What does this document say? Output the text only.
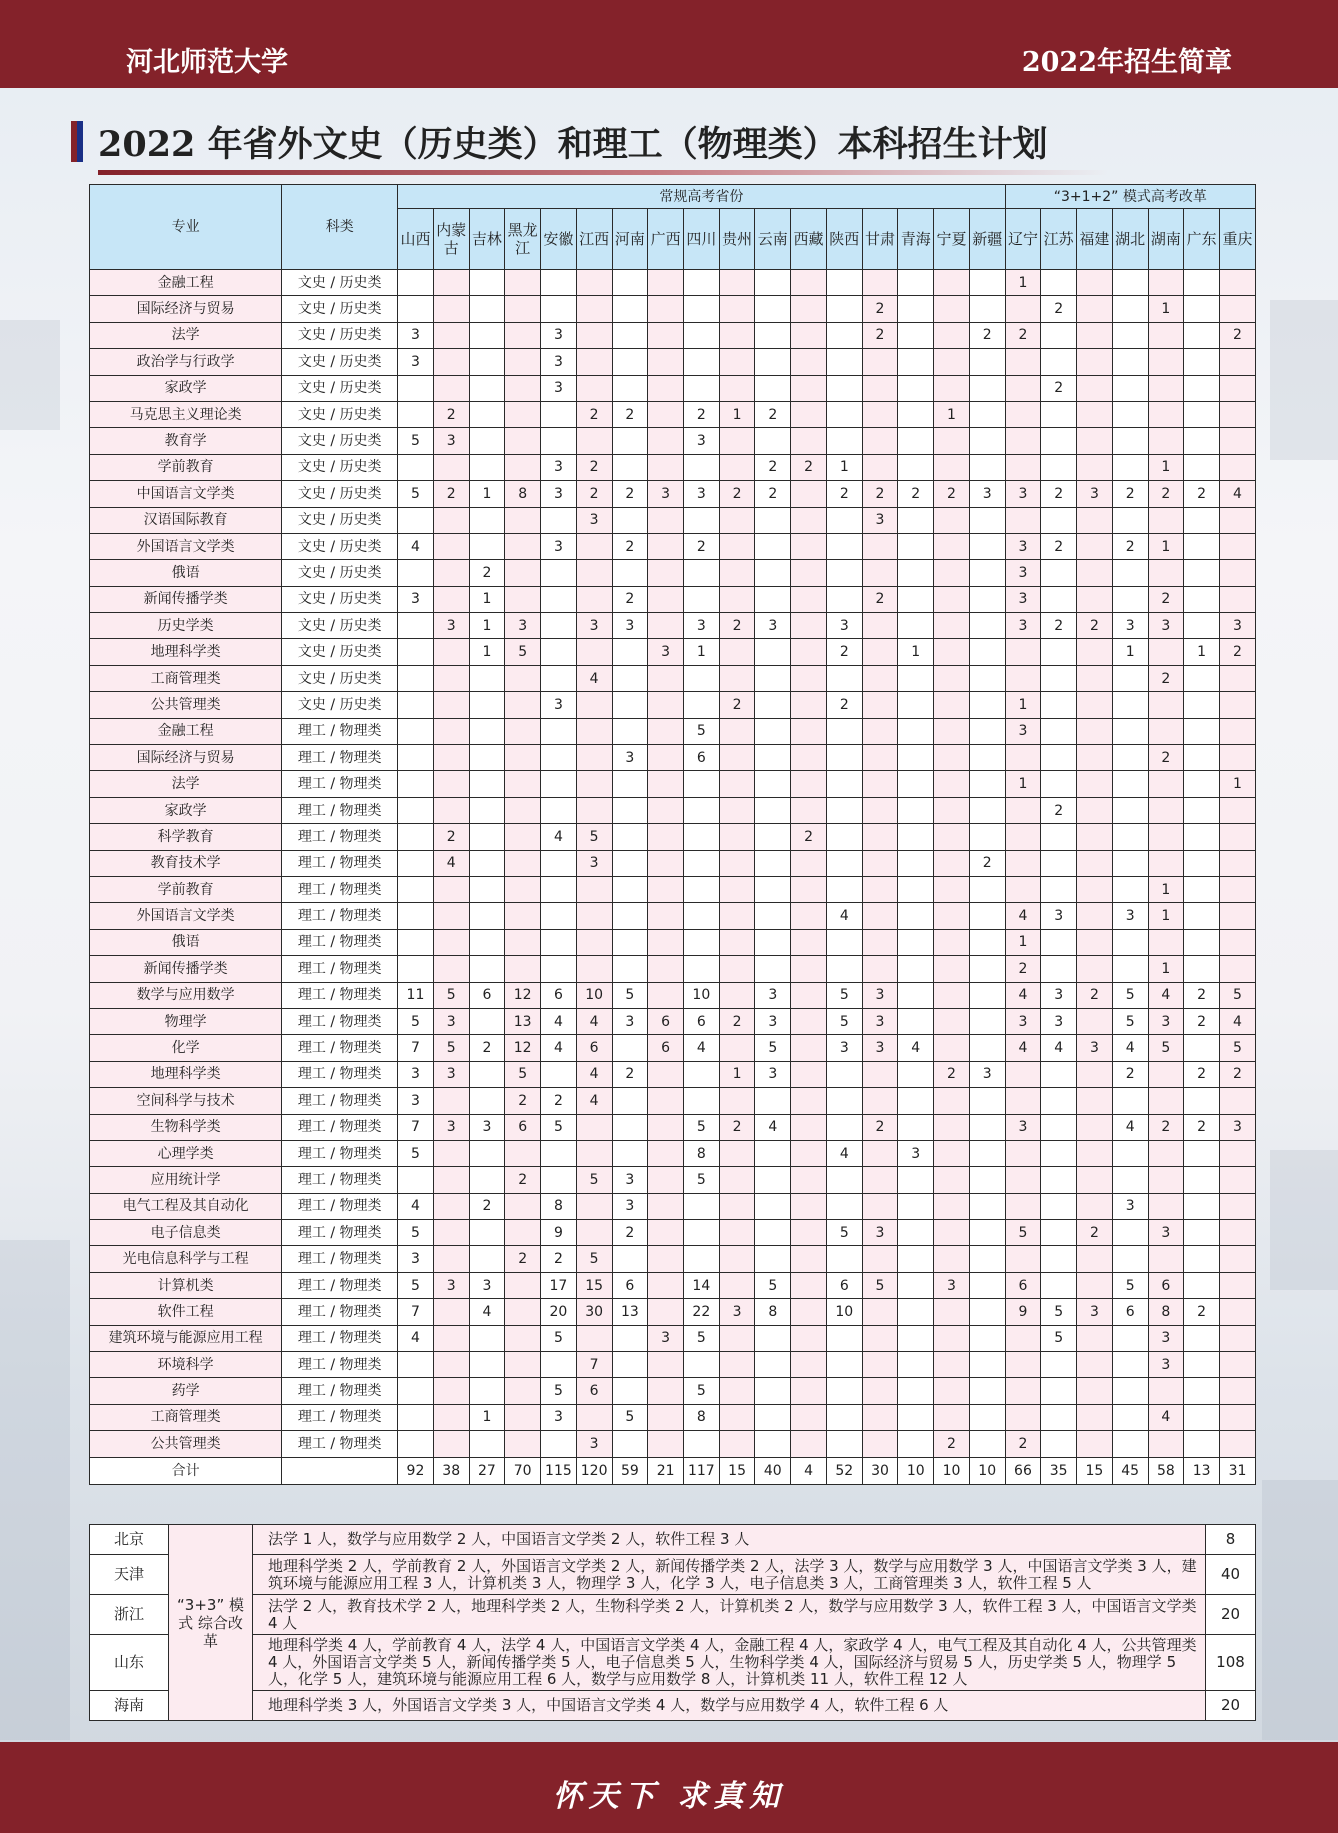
河北师范大学	2022年招生简章
2022 年省外文史（历史类）和理工（物理类）本科招生计划
专业	科类	常规高考省份																	“3+1+2” 模式高考改革						
		山西	内蒙古	吉林	黑龙江	安徽	江西	河南	广西	四川	贵州	云南	西藏	陕西	甘肃	青海	宁夏	新疆	辽宁	江苏	福建	湖北	湖南	广东	重庆
金融工程	文史 / 历史类																		1						
国际经济与贸易	文史 / 历史类														2					2			1		
法学	文史 / 历史类	3				3									2			2	2						2
政治学与行政学	文史 / 历史类	3				3																			
家政学	文史 / 历史类					3														2					
马克思主义理论类	文史 / 历史类		2				2	2		2	1	2					1								
教育学	文史 / 历史类	5	3							3															
学前教育	文史 / 历史类					3	2					2	2	1									1		
中国语言文学类	文史 / 历史类	5	2	1	8	3	2	2	3	3	2	2		2	2	2	2	3	3	2	3	2	2	2	4
汉语国际教育	文史 / 历史类						3								3										
外国语言文学类	文史 / 历史类	4				3		2		2									3	2		2	1		
俄语	文史 / 历史类			2															3						
新闻传播学类	文史 / 历史类	3		1				2							2				3				2		
历史学类	文史 / 历史类		3	1	3		3	3		3	2	3		3					3	2	2	3	3		3
地理科学类	文史 / 历史类			1	5				3	1				2		1						1		1	2
工商管理类	文史 / 历史类						4																2		
公共管理类	文史 / 历史类					3					2			2					1						
金融工程	理工 / 物理类									5									3						
国际经济与贸易	理工 / 物理类							3		6													2		
法学	理工 / 物理类																		1						1
家政学	理工 / 物理类																			2					
科学教育	理工 / 物理类		2			4	5						2												
教育技术学	理工 / 物理类		4				3											2							
学前教育	理工 / 物理类																						1		
外国语言文学类	理工 / 物理类													4					4	3		3	1		
俄语	理工 / 物理类																		1						
新闻传播学类	理工 / 物理类																		2				1		
数学与应用数学	理工 / 物理类	11	5	6	12	6	10	5		10		3		5	3				4	3	2	5	4	2	5
物理学	理工 / 物理类	5	3		13	4	4	3	6	6	2	3		5	3				3	3		5	3	2	4
化学	理工 / 物理类	7	5	2	12	4	6		6	4		5		3	3	4			4	4	3	4	5		5
地理科学类	理工 / 物理类	3	3		5		4	2			1	3					2	3				2		2	2
空间科学与技术	理工 / 物理类	3			2	2	4																		
生物科学类	理工 / 物理类	7	3	3	6	5				5	2	4			2				3			4	2	2	3
心理学类	理工 / 物理类	5								8				4		3									
应用统计学	理工 / 物理类				2		5	3		5															
电气工程及其自动化	理工 / 物理类	4		2		8		3														3			
电子信息类	理工 / 物理类	5				9		2						5	3				5		2		3		
光电信息科学与工程	理工 / 物理类	3			2	2	5																		
计算机类	理工 / 物理类	5	3	3		17	15	6		14		5		6	5		3		6			5	6		
软件工程	理工 / 物理类	7		4		20	30	13		22	3	8		10					9	5	3	6	8	2	
建筑环境与能源应用工程	理工 / 物理类	4				5			3	5										5			3		
环境科学	理工 / 物理类						7																3		
药学	理工 / 物理类					5	6			5															
工商管理类	理工 / 物理类			1		3		5		8													4		
公共管理类	理工 / 物理类						3										2		2						
合计		92	38	27	70	115	120	59	21	117	15	40	4	52	30	10	10	10	66	35	15	45	58	13	31
北京	“3+3” 模式 综合改革	法学 1 人，数学与应用数学 2 人，中国语言文学类 2 人，软件工程 3 人	8
天津		地理科学类 2 人，学前教育 2 人，外国语言文学类 2 人，新闻传播学类 2 人，法学 3 人，数学与应用数学 3 人，中国语言文学类 3 人，建筑环境与能源应用工程 3 人，计算机类 3 人，物理学 3 人，化学 3 人，电子信息类 3 人，工商管理类 3 人，软件工程 5 人	40
浙江		法学 2 人，教育技术学 2 人，地理科学类 2 人，生物科学类 2 人，计算机类 2 人，数学与应用数学 3 人，软件工程 3 人，中国语言文学类 4 人	20
山东		地理科学类 4 人，学前教育 4 人，法学 4 人，中国语言文学类 4 人，金融工程 4 人，家政学 4 人，电气工程及其自动化 4 人，公共管理类 4 人，外国语言文学类 5 人，新闻传播学类 5 人，电子信息类 5 人，生物科学类 4 人，国际经济与贸易 5 人，历史学类 5 人，物理学 5 人，化学 5 人，建筑环境与能源应用工程 6 人，数学与应用数学 8 人，计算机类 11 人，软件工程 12 人	108
海南		地理科学类 3 人，外国语言文学类 3 人，中国语言文学类 4 人，数学与应用数学 4 人，软件工程 6 人	20
怀天下 求真知
